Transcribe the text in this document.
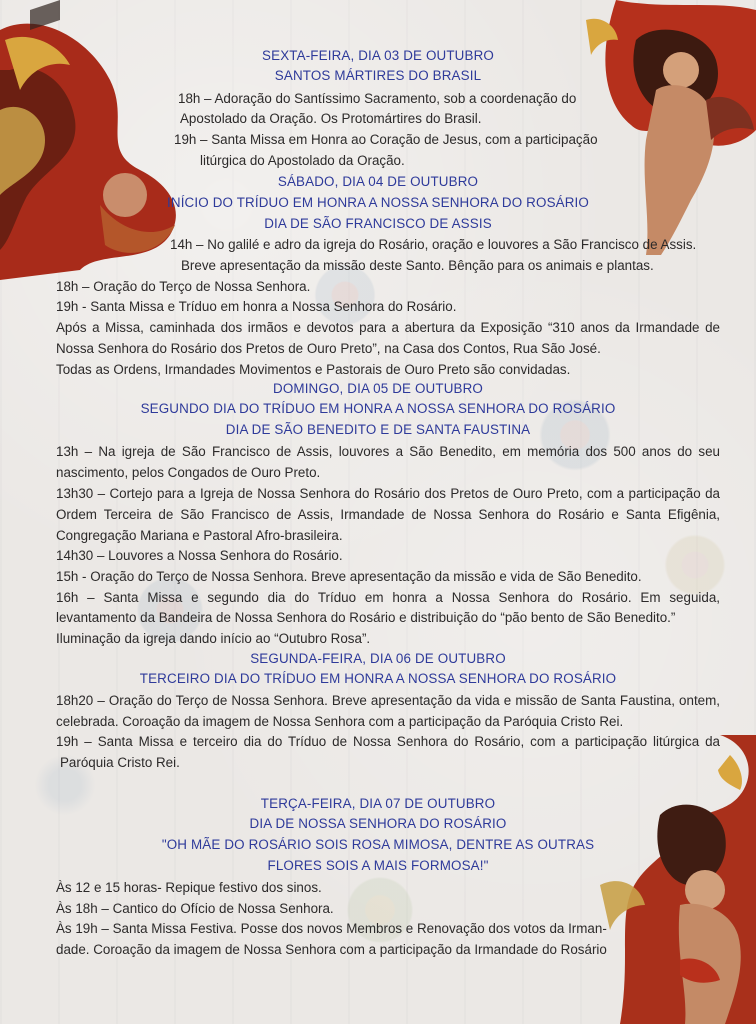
SEXTA-FEIRA, DIA 03 DE OUTUBRO
SANTOS MÁRTIRES DO BRASIL
18h – Adoração do Santíssimo Sacramento, sob a coordenação do
Apostolado da Oração. Os Protomártires do Brasil.
19h – Santa Missa em Honra ao Coração de Jesus, com a participação
litúrgica do Apostolado da Oração.
SÁBADO, DIA 04 DE OUTUBRO
INÍCIO DO TRÍDUO EM HONRA A NOSSA SENHORA DO ROSÁRIO
DIA DE SÃO FRANCISCO DE ASSIS
14h – No galilé e adro da igreja do Rosário, oração e louvores a São Francisco de Assis.
Breve apresentação da missão deste Santo. Bênção para os animais e plantas.
18h – Oração do Terço de Nossa Senhora.
19h - Santa Missa e Tríduo em honra a Nossa Senhora do Rosário.
Após a Missa, caminhada dos irmãos e devotos para a abertura da Exposição “310 anos da Irmandade de
Nossa Senhora do Rosário dos Pretos de Ouro Preto”, na Casa dos Contos, Rua São José.
Todas as Ordens, Irmandades Movimentos e Pastorais de Ouro Preto são convidadas.
DOMINGO, DIA 05 DE OUTUBRO
SEGUNDO DIA DO TRÍDUO EM HONRA A NOSSA SENHORA DO ROSÁRIO
DIA DE SÃO BENEDITO E DE SANTA FAUSTINA
13h – Na igreja de São Francisco de Assis, louvores a São Benedito, em memória dos 500 anos do seu
nascimento, pelos Congados de Ouro Preto.
13h30 – Cortejo para a Igreja de Nossa Senhora do Rosário dos Pretos de Ouro Preto, com a participação da
Ordem Terceira de São Francisco de Assis, Irmandade de Nossa Senhora do Rosário e Santa Efigênia,
Congregação Mariana e Pastoral Afro-brasileira.
14h30 – Louvores a Nossa Senhora do Rosário.
15h - Oração do Terço de Nossa Senhora. Breve apresentação da missão e vida de São Benedito.
16h – Santa Missa e segundo dia do Tríduo em honra a Nossa Senhora do Rosário. Em seguida,
levantamento da Bandeira de Nossa Senhora do Rosário e distribuição do “pão bento de São Benedito.”
Iluminação da igreja dando início ao “Outubro Rosa”.
SEGUNDA-FEIRA, DIA 06 DE OUTUBRO
TERCEIRO DIA DO TRÍDUO EM HONRA A NOSSA SENHORA DO ROSÁRIO
18h20 – Oração do Terço de Nossa Senhora. Breve apresentação da vida e missão de Santa Faustina, ontem,
celebrada. Coroação da imagem de Nossa Senhora com a participação da Paróquia Cristo Rei.
19h – Santa Missa e terceiro dia do Tríduo de Nossa Senhora do Rosário, com a participação litúrgica da
Paróquia Cristo Rei.
TERÇA-FEIRA, DIA 07 DE OUTUBRO
DIA DE NOSSA SENHORA DO ROSÁRIO
"OH MÃE DO ROSÁRIO SOIS ROSA MIMOSA, DENTRE AS OUTRAS
FLORES SOIS A MAIS FORMOSA!"
Às 12 e 15 horas- Repique festivo dos sinos.
Às 18h – Cantico do Ofício de Nossa Senhora.
Às 19h – Santa Missa Festiva. Posse dos novos Membros e Renovação dos votos da Irman-
dade. Coroação da imagem de Nossa Senhora com a participação da Irmandade do Rosário
